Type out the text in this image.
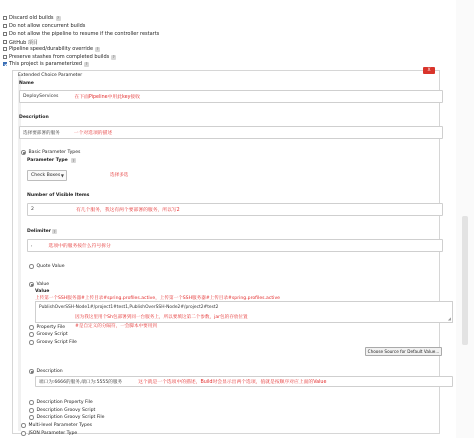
Discard old builds	?
Do not allow concurrent builds
Do not allow the pipeline to resume if the controller restarts
GitHub 项目
Pipeline speed/durability override	?
Preserve stashes from completed builds	?
This project is parameterized	?
X
Extended Choice Parameter
Name
DeployServices	在下面Pipeline中用此key接收
Description
选择要部署的服务	一个对选项的描述
Basic Parameter Types
Parameter Type	?
Check Boxes ▼	选择多选
Number of Visible Items
2	有几个服务，我这有两个要部署的服务，所以写2
Delimiter ?
,	选项中的服务按什么符号拆分
Quote Value
Value
Value
上传第一个SSH服务器#上传目录#spring.profiles.active，上传第一个SSH服务器#上传目录#spring.profiles.active
PublishOverSSH-Node1#/project1#test1,PublishOverSSH-Node2#/project2#test2
◢
因为我这里用个Sh包部署到同一台服务上，所以要填这第二个参数，jar包的存放位置
#是自定义的分隔符，一会脚本中要用到
Property File
Groovy Script
Groovy Script File
Choose Source for Default Value...
Description
端口为:6666的服务,端口为:5555的服务	这个就是一个选项中的描述，Build时会显示出两个选项，值就是按顺序对应上面的Value
Description Property File
Description Groovy Script
Description Groovy Script File
Multi-level Parameter Types
JSON Parameter Type
